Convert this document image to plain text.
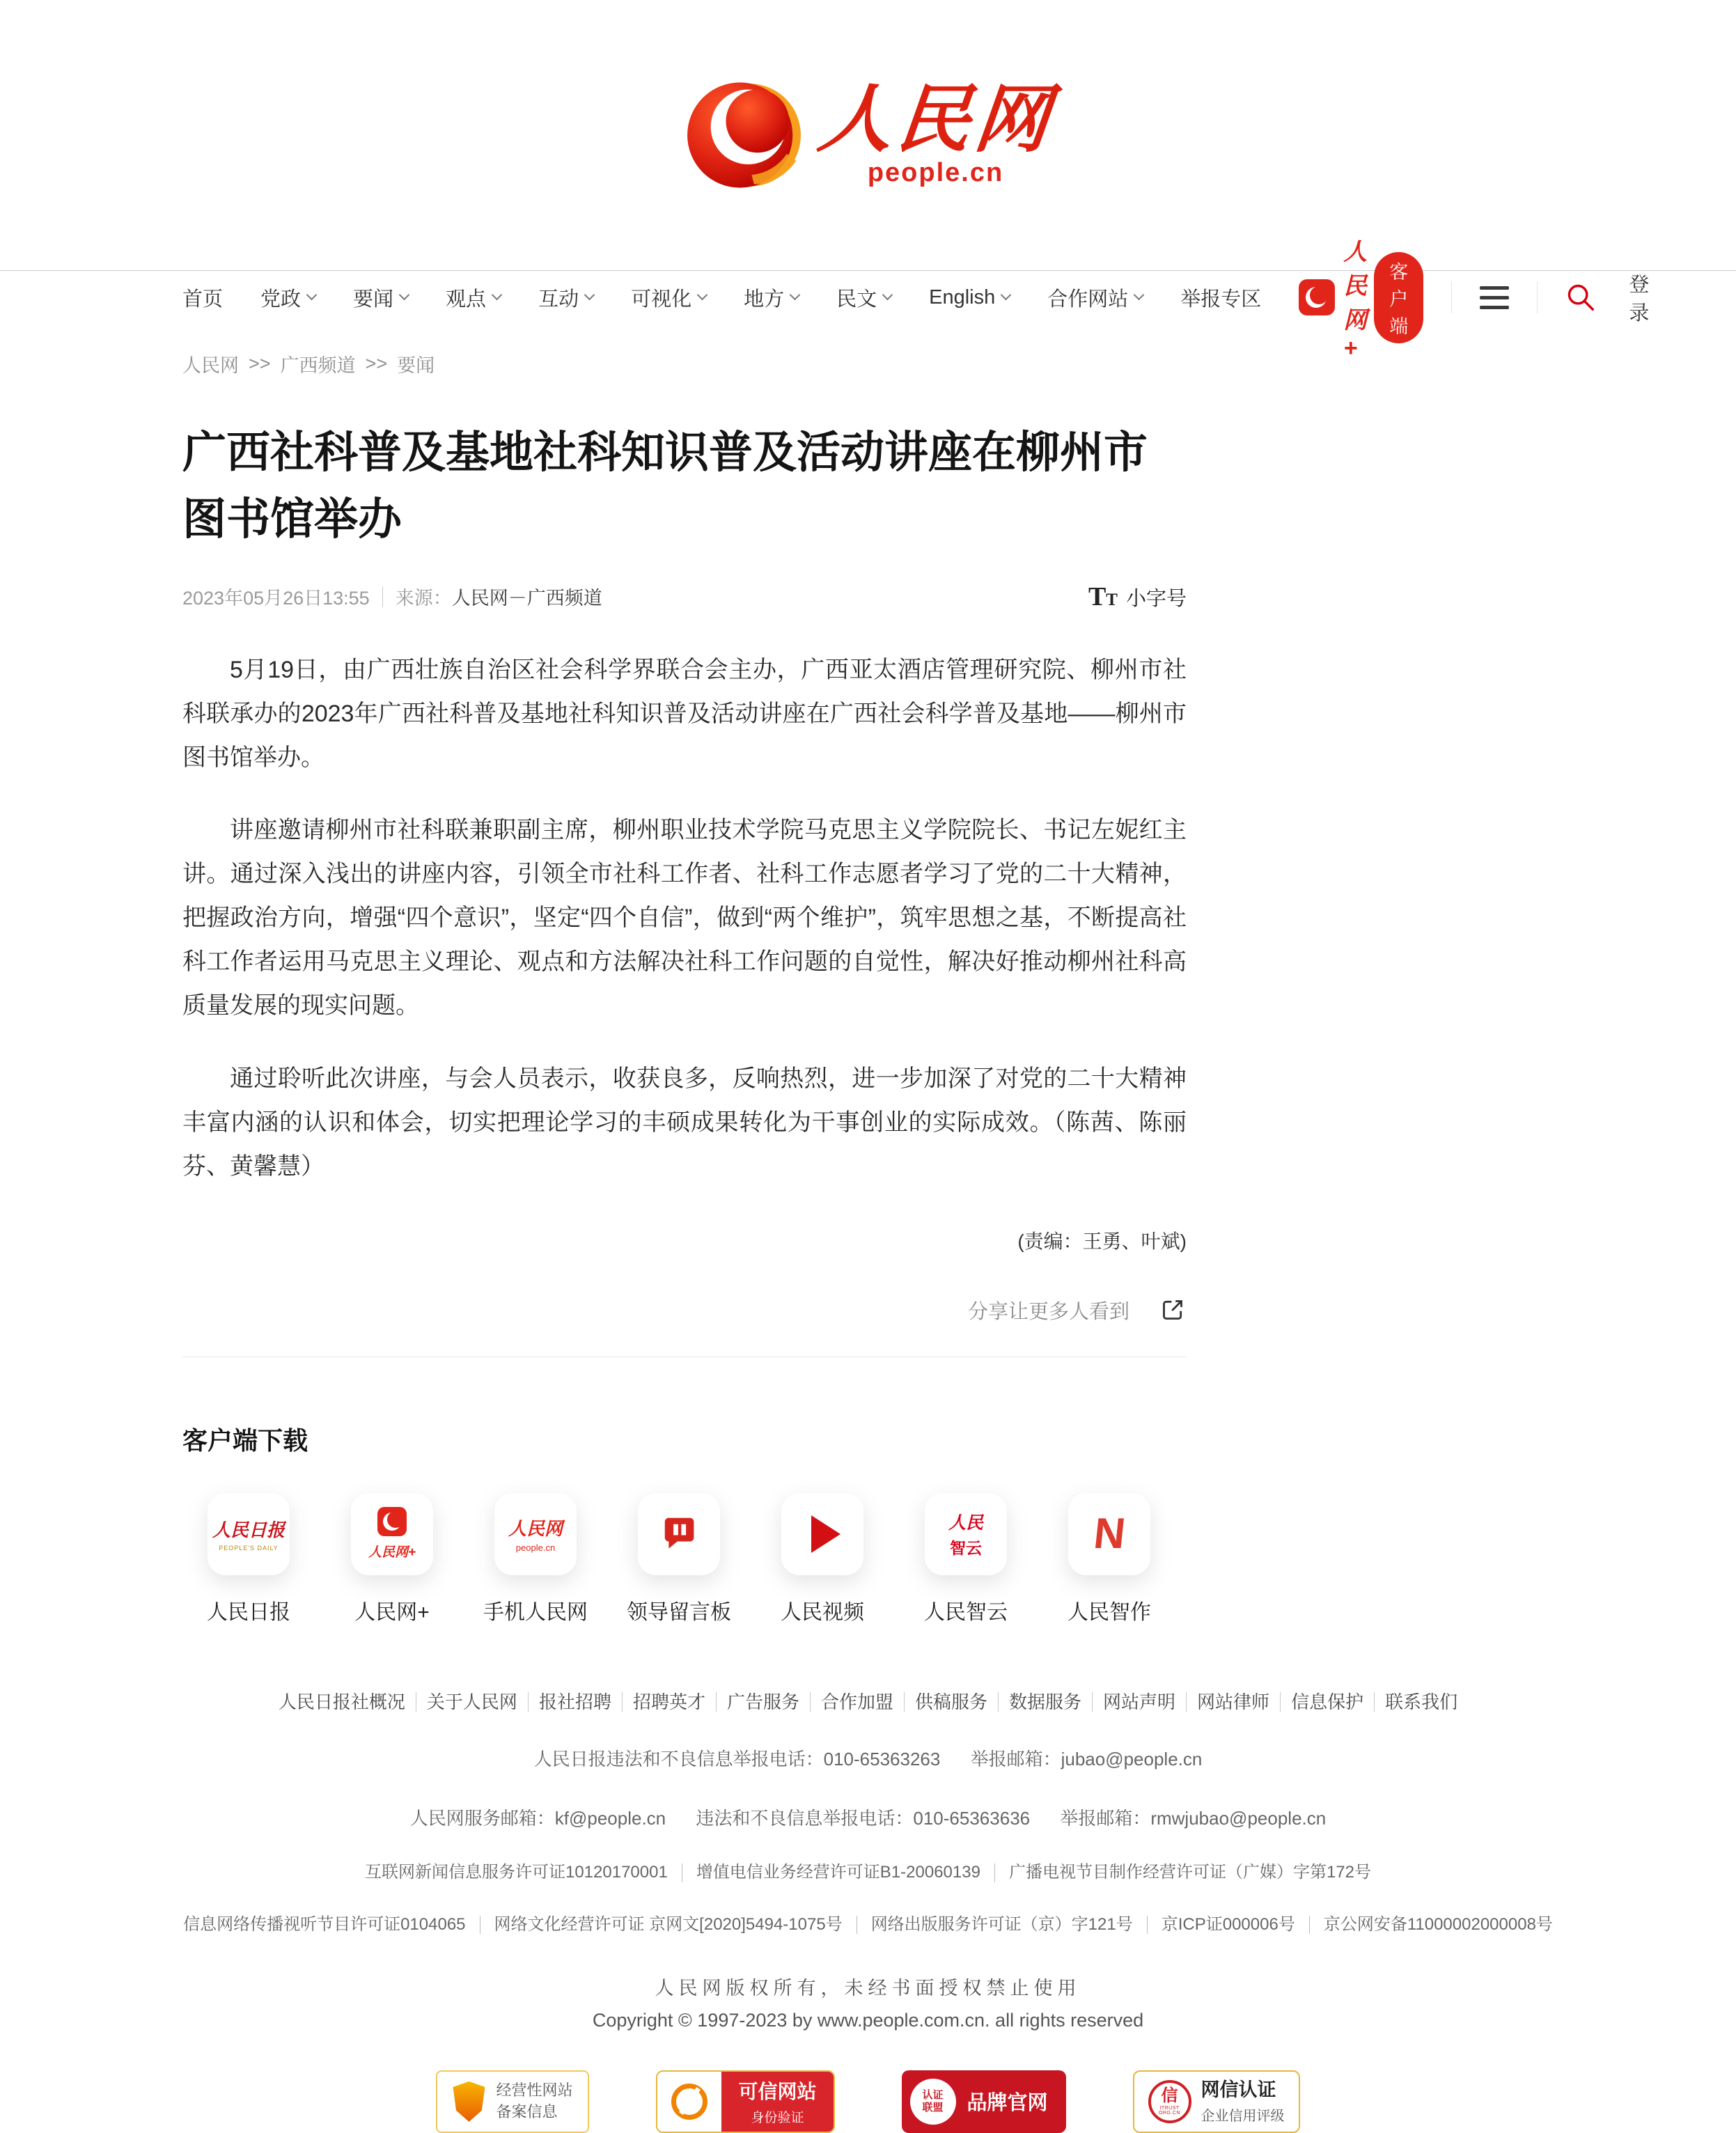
人民网
people.cn
首页 党政	要闻	观点	互动	可视化	地方	民文	English	合作网站	举报专区
人民网+
客户端
登录
人民网 >> 广西频道 >> 要闻
广西社科普及基地社科知识普及活动讲座在柳州市图书馆举办
2023年05月26日13:55 来源： 人民网－广西频道	T T 小字号

5月19日，由广西壮族自治区社会科学界联合会主办，广西亚太酒店管理研究院、柳州市社科联承办的2023年广西社科普及基地社科知识普及活动讲座在广西社会科学普及基地——柳州市图书馆举办。

讲座邀请柳州市社科联兼职副主席，柳州职业技术学院马克思主义学院院长、书记左妮红主讲。通过深入浅出的讲座内容，引领全市社科工作者、社科工作志愿者学习了党的二十大精神，把握政治方向，增强“四个意识”，坚定“四个自信”，做到“两个维护”，筑牢思想之基，不断提高社科工作者运用马克思主义理论、观点和方法解决社科工作问题的自觉性，解决好推动柳州社科高质量发展的现实问题。

通过聆听此次讲座，与会人员表示，收获良多，反响热烈，进一步加深了对党的二十大精神丰富内涵的认识和体会，切实把理论学习的丰硕成果转化为干事创业的实际成效。（陈茜、陈丽芬、黄馨慧）

(责编：王勇、叶斌)
分享让更多人看到
客户端下载
人民日报
PEOPLE'S DAILY
人民日报
人民网+
人民网+
人民网
people.cn
手机人民网 领导留言板 人民视频
人民
智云
人民智云
N
人民智作
人民日报社概况	关于人民网	报社招聘	招聘英才	广告服务	合作加盟	供稿服务	数据服务	网站声明	网站律师	信息保护	联系我们
人民日报违法和不良信息举报电话：010-65363263 举报邮箱：jubao@people.cn
人民网服务邮箱：kf@people.cn 违法和不良信息举报电话：010-65363636 举报邮箱：rmwjubao@people.cn
互联网新闻信息服务许可证10120170001	增值电信业务经营许可证B1-20060139	广播电视节目制作经营许可证（广媒）字第172号
信息网络传播视听节目许可证0104065	网络文化经营许可证 京网文[2020]5494-1075号	网络出版服务许可证（京）字121号	京ICP证000006号	京公网安备11000002000008号
人民网版权所有，未经书面授权禁止使用
Copyright © 1997-2023 by www.people.com.cn. all rights reserved
经营性网站
备案信息
可信网站
身份验证
认证联盟 品牌官网	信
ITRUST ORG.CN
网信认证
企业信用评级
